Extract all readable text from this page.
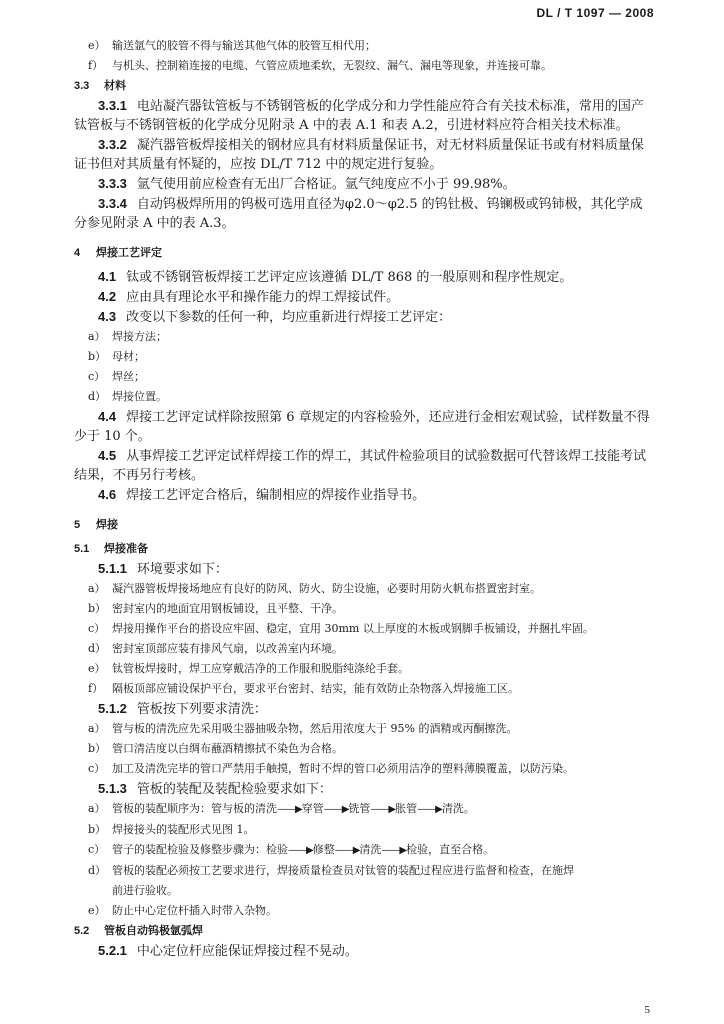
DL / T 1097 — 2008
e） 输送氩气的胶管不得与输送其他气体的胶管互相代用；
f） 与机头、控制箱连接的电缆、气管应质地柔软，无裂纹、漏气、漏电等现象，并连接可靠。
3.3 材料
3.3.1 电站凝汽器钛管板与不锈钢管板的化学成分和力学性能应符合有关技术标准，常用的国产钛管板与不锈钢管板的化学成分见附录 A 中的表 A.1 和表 A.2，引进材料应符合相关技术标准。
3.3.2 凝汽器管板焊接相关的钢材应具有材料质量保证书，对无材料质量保证书或有材料质量保证书但对其质量有怀疑的，应按 DL/T 712 中的规定进行复验。
3.3.3 氩气使用前应检查有无出厂合格证。氩气纯度应不小于 99.98%。
3.3.4 自动钨极焊所用的钨极可选用直径为φ2.0～φ2.5 的钨钍极、钨镧极或钨铈极，其化学成分参见附录 A 中的表 A.3。
4 焊接工艺评定
4.1 钛或不锈钢管板焊接工艺评定应该遵循 DL/T 868 的一般原则和程序性规定。
4.2 应由具有理论水平和操作能力的焊工焊接试件。
4.3 改变以下参数的任何一种，均应重新进行焊接工艺评定：
a） 焊接方法；
b） 母材；
c） 焊丝；
d） 焊接位置。
4.4 焊接工艺评定试样除按照第 6 章规定的内容检验外，还应进行金相宏观试验，试样数量不得少于 10 个。
4.5 从事焊接工艺评定试样焊接工作的焊工，其试件检验项目的试验数据可代替该焊工技能考试结果，不再另行考核。
4.6 焊接工艺评定合格后，编制相应的焊接作业指导书。
5 焊接
5.1 焊接准备
5.1.1 环境要求如下：
a） 凝汽器管板焊接场地应有良好的防风、防火、防尘设施，必要时用防火帆布搭置密封室。
b） 密封室内的地面宜用钢板铺设，且平整、干净。
c） 焊接用操作平台的搭设应牢固、稳定，宜用 30mm 以上厚度的木板或钢脚手板铺设，并捆扎牢固。
d） 密封室顶部应装有排风气扇，以改善室内环境。
e） 钛管板焊接时，焊工应穿戴洁净的工作服和脱脂纯涤纶手套。
f） 隔板顶部应铺设保护平台，要求平台密封、结实，能有效防止杂物落入焊接施工区。
5.1.2 管板按下列要求清洗：
a） 管与板的清洗应先采用吸尘器抽吸杂物，然后用浓度大于 95% 的酒精或丙酮擦洗。
b） 管口清洁度以白绸布蘸酒精擦拭不染色为合格。
c） 加工及清洗完毕的管口严禁用手触摸，暂时不焊的管口必须用洁净的塑料薄膜覆盖，以防污染。
5.1.3 管板的装配及装配检验要求如下：
a） 管板的装配顺序为：管与板的清洗——▶穿管——▶铣管——▶胀管——▶清洗。
b） 焊接接头的装配形式见图 1。
c） 管子的装配检验及修整步骤为：检验——▶修整——▶清洗——▶检验，直至合格。
d） 管板的装配必须按工艺要求进行，焊接质量检查员对钛管的装配过程应进行监督和检查，在施焊
前进行验收。
e） 防止中心定位杆插入时带入杂物。
5.2 管板自动钨极氩弧焊
5.2.1 中心定位杆应能保证焊接过程不晃动。
5
